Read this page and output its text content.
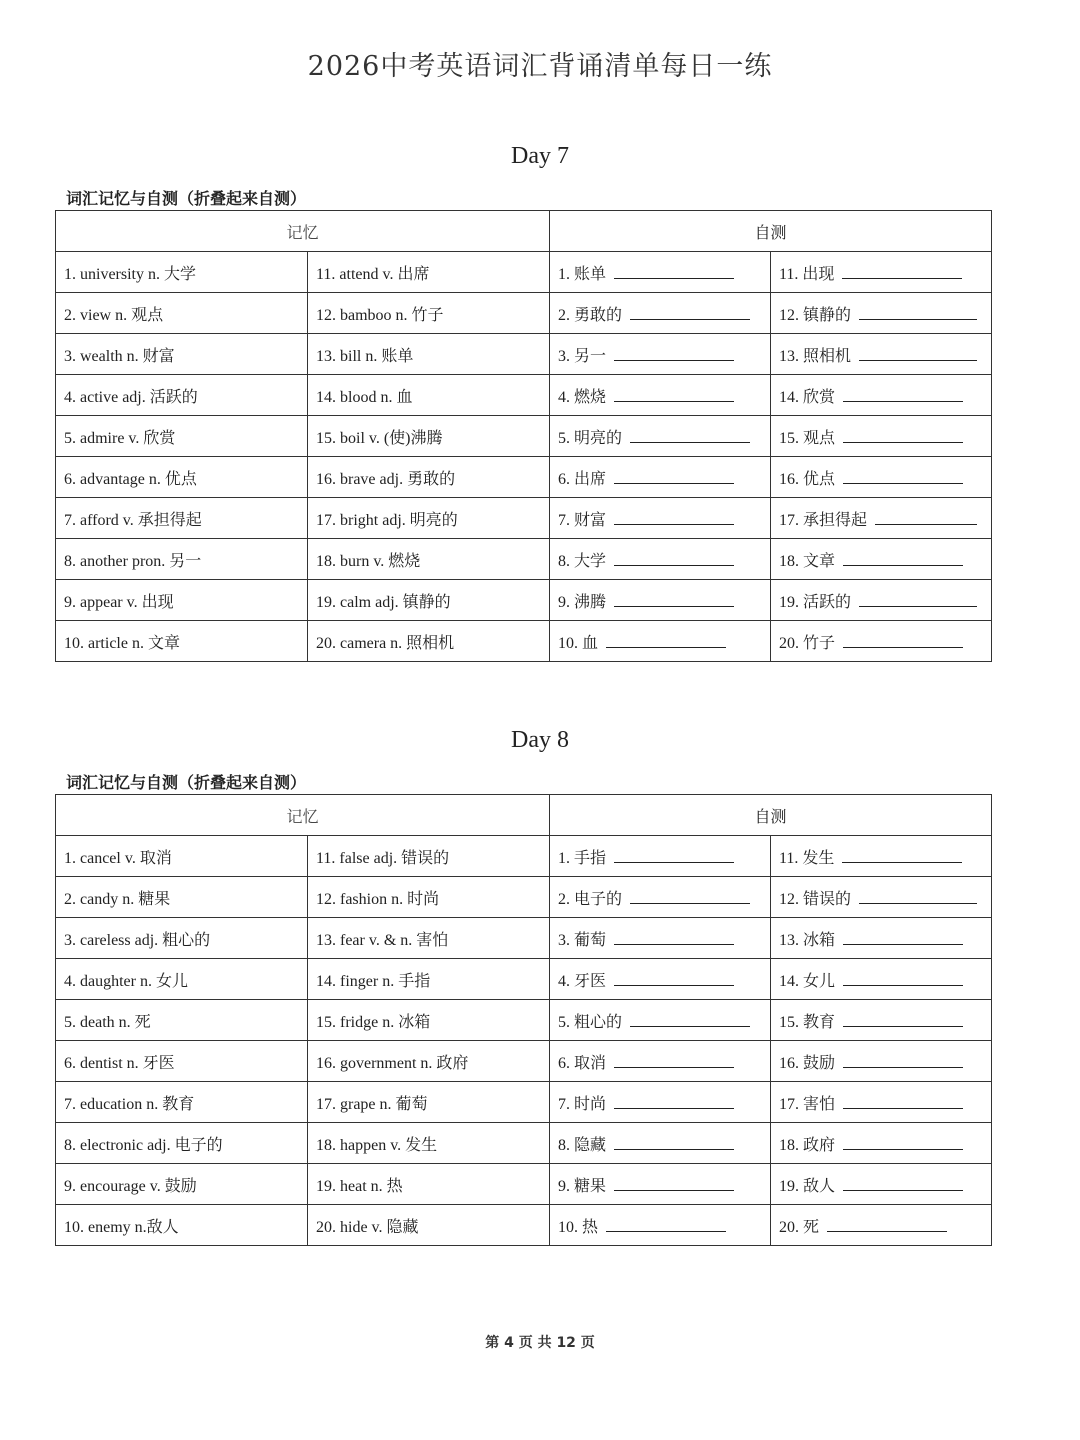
2026中考英语词汇背诵清单每日一练
Day 7
词汇记忆与自测（折叠起来自测）
记忆		自测	
1. university n. 大学	11. attend v. 出席	1. 账单	11. 出现
2. view n. 观点	12. bamboo n. 竹子	2. 勇敢的	12. 镇静的
3. wealth n. 财富	13. bill n. 账单	3. 另一	13. 照相机
4. active adj. 活跃的	14. blood n. 血	4. 燃烧	14. 欣赏
5. admire v. 欣赏	15. boil v. (使)沸腾	5. 明亮的	15. 观点
6. advantage n. 优点	16. brave adj. 勇敢的	6. 出席	16. 优点
7. afford v. 承担得起	17. bright adj. 明亮的	7. 财富	17. 承担得起
8. another pron. 另一	18. burn v. 燃烧	8. 大学	18. 文章
9. appear v. 出现	19. calm adj. 镇静的	9. 沸腾	19. 活跃的
10. article n. 文章	20. camera n. 照相机	10. 血	20. 竹子
Day 8
词汇记忆与自测（折叠起来自测）
记忆		自测	
1. cancel v. 取消	11. false adj. 错误的	1. 手指	11. 发生
2. candy n. 糖果	12. fashion n. 时尚	2. 电子的	12. 错误的
3. careless adj. 粗心的	13. fear v. & n. 害怕	3. 葡萄	13. 冰箱
4. daughter n. 女儿	14. finger n. 手指	4. 牙医	14. 女儿
5. death n. 死	15. fridge n. 冰箱	5. 粗心的	15. 教育
6. dentist n. 牙医	16. government n. 政府	6. 取消	16. 鼓励
7. education n. 教育	17. grape n. 葡萄	7. 时尚	17. 害怕
8. electronic adj. 电子的	18. happen v. 发生	8. 隐藏	18. 政府
9. encourage v. 鼓励	19. heat n. 热	9. 糖果	19. 敌人
10. enemy n.敌人	20. hide v. 隐藏	10. 热	20. 死
第 4 页 共 12 页
